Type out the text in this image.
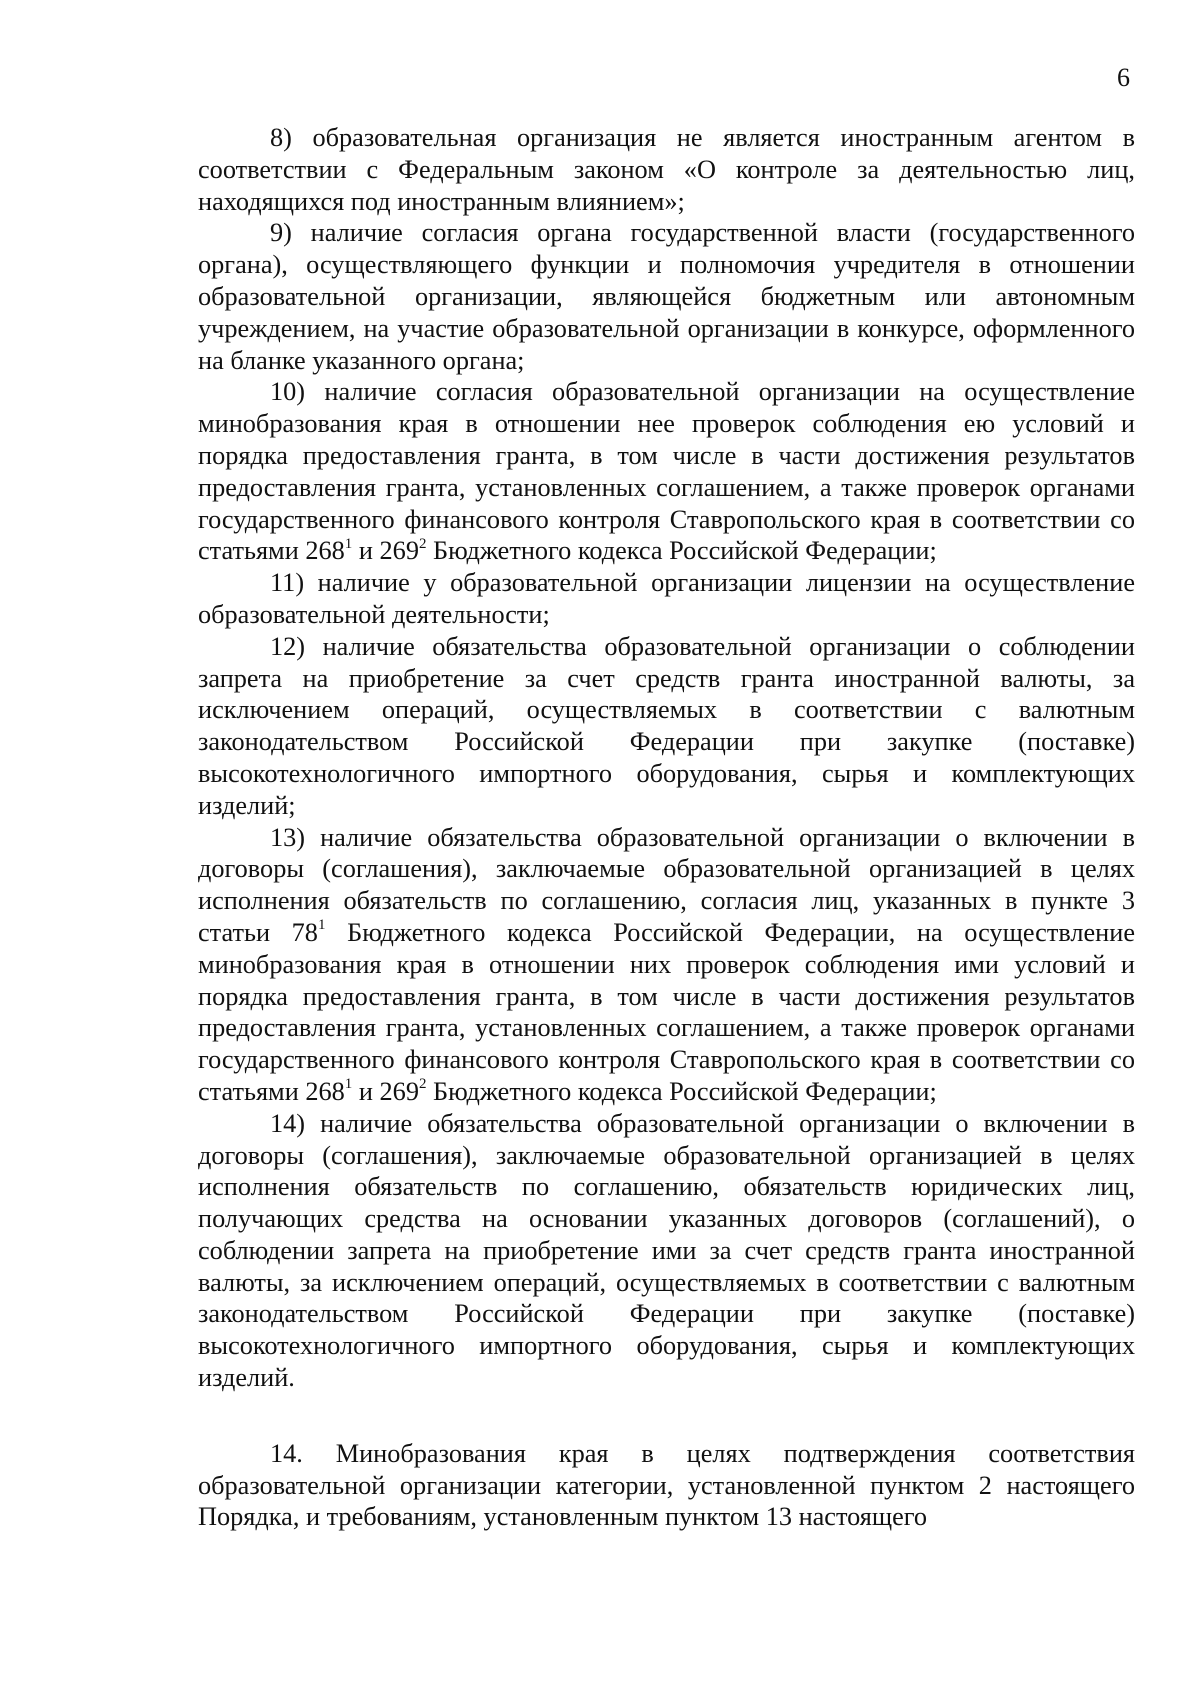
6

8) образовательная организация не является иностранным агентом в соответствии с Федеральным законом «О контроле за деятельностью лиц, находящихся под иностранным влиянием»;

9) наличие согласия органа государственной власти (государственного органа), осуществляющего функции и полномочия учредителя в отношении образовательной организации, являющейся бюджетным или автономным учреждением, на участие образовательной организации в конкурсе, оформленного на бланке указанного органа;

10) наличие согласия образовательной организации на осуществление минобразования края в отношении нее проверок соблюдения ею условий и порядка предоставления гранта, в том числе в части достижения результатов предоставления гранта, установленных соглашением, а также проверок органами государственного финансового контроля Ставропольского края в соответствии со статьями $268^1$ и $269^2$ Бюджетного кодекса Российской Федерации;

11) наличие у образовательной организации лицензии на осуществление образовательной деятельности;

12) наличие обязательства образовательной организации о соблюдении запрета на приобретение за счет средств гранта иностранной валюты, за исключением операций, осуществляемых в соответствии с валютным законодательством Российской Федерации при закупке (поставке) высокотехнологичного импортного оборудования, сырья и комплектующих изделий;

13) наличие обязательства образовательной организации о включении в договоры (соглашения), заключаемые образовательной организацией в целях исполнения обязательств по соглашению, согласия лиц, указанных в пункте 3 статьи $78^1$ Бюджетного кодекса Российской Федерации, на осуществление минобразования края в отношении них проверок соблюдения ими условий и порядка предоставления гранта, в том числе в части достижения результатов предоставления гранта, установленных соглашением, а также проверок органами государственного финансового контроля Ставропольского края в соответствии со статьями $268^1$ и $269^2$ Бюджетного кодекса Российской Федерации;

14) наличие обязательства образовательной организации о включении в договоры (соглашения), заключаемые образовательной организацией в целях исполнения обязательств по соглашению, обязательств юридических лиц, получающих средства на основании указанных договоров (соглашений), о соблюдении запрета на приобретение ими за счет средств гранта иностранной валюты, за исключением операций, осуществляемых в соответствии с валютным законодательством Российской Федерации при закупке (поставке) высокотехнологичного импортного оборудования, сырья и комплектующих изделий.

14. Минобразования края в целях подтверждения соответствия образовательной организации категории, установленной пунктом 2 настоящего Порядка, и требованиям, установленным пунктом 13 настоящего
